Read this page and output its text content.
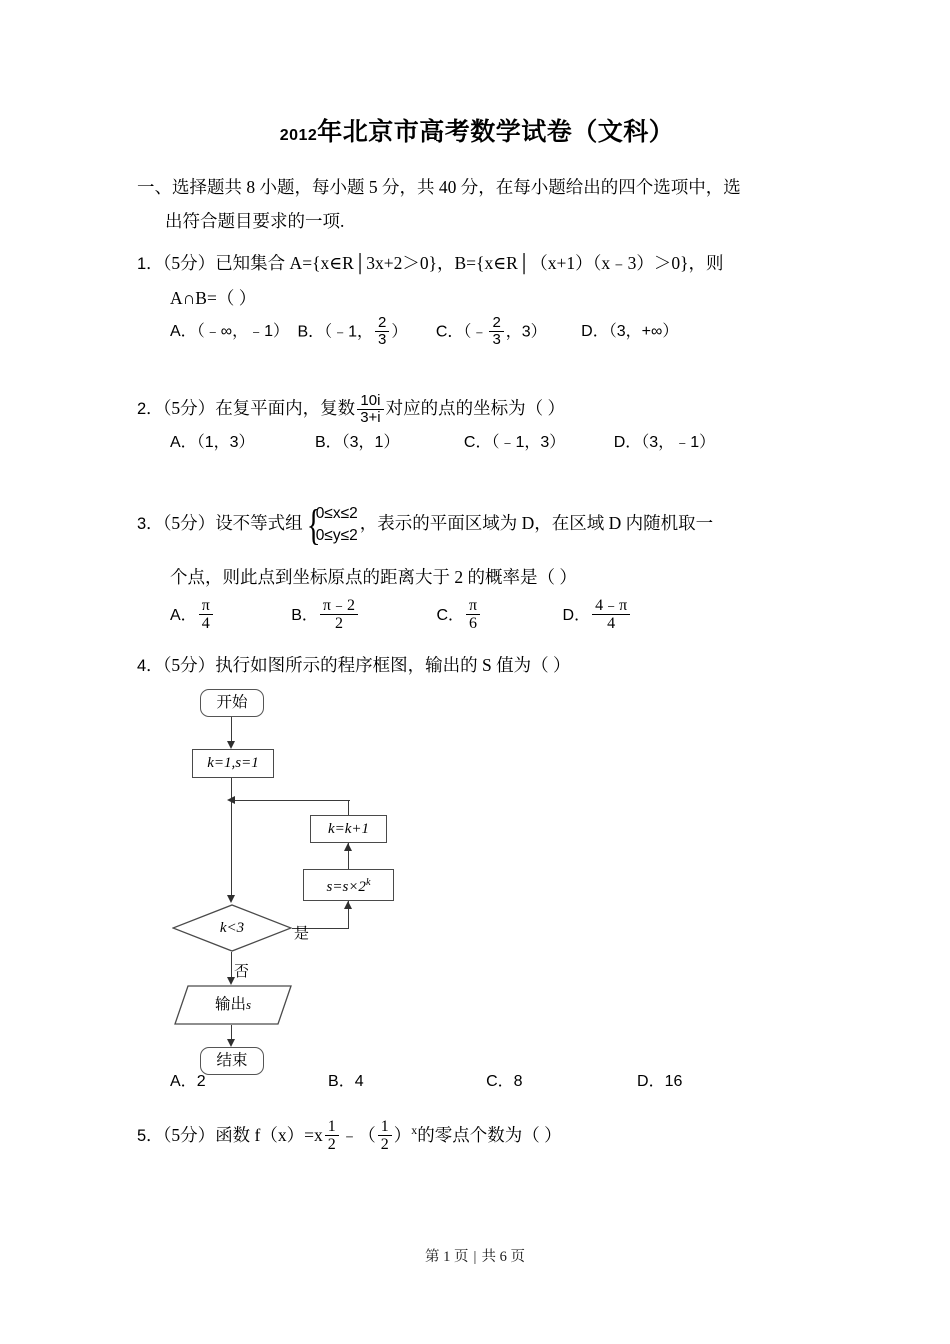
2012年北京市高考数学试卷（文科）
一、选择题共 8 小题，每小题 5 分，共 40 分，在每小题给出的四个选项中，选
出符合题目要求的一项.
1．（5分）已知集合 A={x∈R│3x+2＞0}，B={x∈R│（x+1）（x﹣3）＞0}，则
A∩B=（ ）
A．（﹣∞，﹣1） B．（﹣1， $\frac{2}{3}$ ） C．（﹣ $\frac{2}{3}$ ，3） D．（3，+∞）
2．（5分）在复平面内，复数 $\frac{10i}{3+i}$ 对应的点的坐标为（ ）
A．（1，3）	B．（3，1）	C．（﹣1，3）	D．（3，﹣1）
3．（5分）设不等式组 {
0≤x≤2
0≤y≤2
，表示的平面区域为 D，在区域 D 内随机取一
个点，则此点到坐标原点的距离大于 2 的概率是（ ）
A． $\frac{\pi}{4}$	B． $\frac{\pi﹣2}{2}$	C． $\frac{\pi}{6}$	D． $\frac{4﹣\pi}{4}$
4．（5分）执行如图所示的程序框图，输出的 S 值为（ ）
开始
k=1,s=1
k=k+1
$s=s\times 2^k$
k<3	是
否
输出 s
结束
A．2	B．4	C．8	D．16
5．（5分）函数 $f(x)=x \frac{1}{2}$ ﹣（ $\frac{1}{2} )^x$的零点个数为（ ）
第 1 页 | 共 6 页
